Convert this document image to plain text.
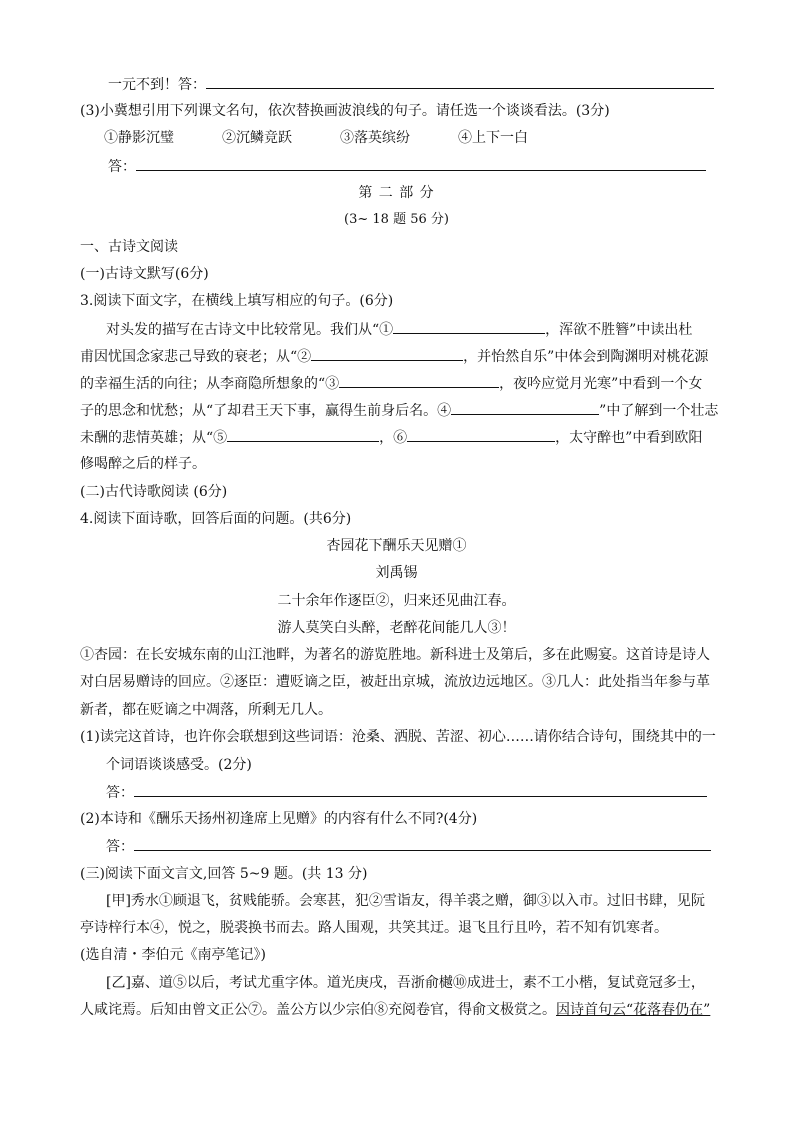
一元不到！答：
(3)小冀想引用下列课文名句，依次替换画波浪线的句子。请任选一个谈谈看法。(3分)
①静影沉璧	②沉鳞竞跃	③落英缤纷	④上下一白
答：
第 二 部 分
(3~ 18 题 56 分)
一、古诗文阅读
(一)古诗文默写(6分)
3.阅读下面文字，在横线上填写相应的句子。(6分)
对头发的描写在古诗文中比较常见。我们从“①	，浑欲不胜簪”中读出杜
甫因忧国念家悲己导致的衰老；从“②	，并怡然自乐”中体会到陶渊明对桃花源
的幸福生活的向往；从李商隐所想象的“③	，夜吟应觉月光寒”中看到一个女
子的思念和忧愁；从“了却君王天下事，赢得生前身后名。④	”中了解到一个壮志
未酬的悲情英雄；从“⑤	，⑥	，太守醉也”中看到欧阳
修喝醉之后的样子。
(二)古代诗歌阅读 (6分)
4.阅读下面诗歌，回答后面的问题。(共6分)
杏园花下酬乐天见赠①
刘禹锡
二十余年作逐臣②，归来还见曲江春。
游人莫笑白头醉，老醉花间能几人③！
①杏园：在长安城东南的山江池畔，为著名的游览胜地。新科进士及第后，多在此赐宴。这首诗是诗人
对白居易赠诗的回应。②逐臣：遭贬谪之臣，被赶出京城，流放边远地区。③几人：此处指当年参与革
新者，都在贬谪之中凋落，所剩无几人。
(1)读完这首诗，也许你会联想到这些词语：沧桑、洒脱、苦涩、初心……请你结合诗句，围绕其中的一
个词语谈谈感受。(2分)
答：
(2)本诗和《酬乐天扬州初逢席上见赠》的内容有什么不同?(4分)
答：
(三)阅读下面文言文,回答 5~9 题。(共 13 分)
[甲]秀水①顾退飞，贫贱能骄。会寒甚，犯②雪诣友，得羊裘之赠，御③以入市。过旧书肆，见阮
亭诗梓行本④，悦之，脱裘换书而去。路人围观，共笑其迂。退飞且行且吟，若不知有饥寒者。
(选自清・李伯元《南亭笔记》)
[乙]嘉、道⑤以后，考试尤重字体。道光庚戌，吾浙俞樾⑩成进士，素不工小楷，复试竟冠多士，
人咸诧焉。后知由曾文正公⑦。盖公方以少宗伯⑧充阅卷官，得俞文极赏之。因诗首句云“花落春仍在”
